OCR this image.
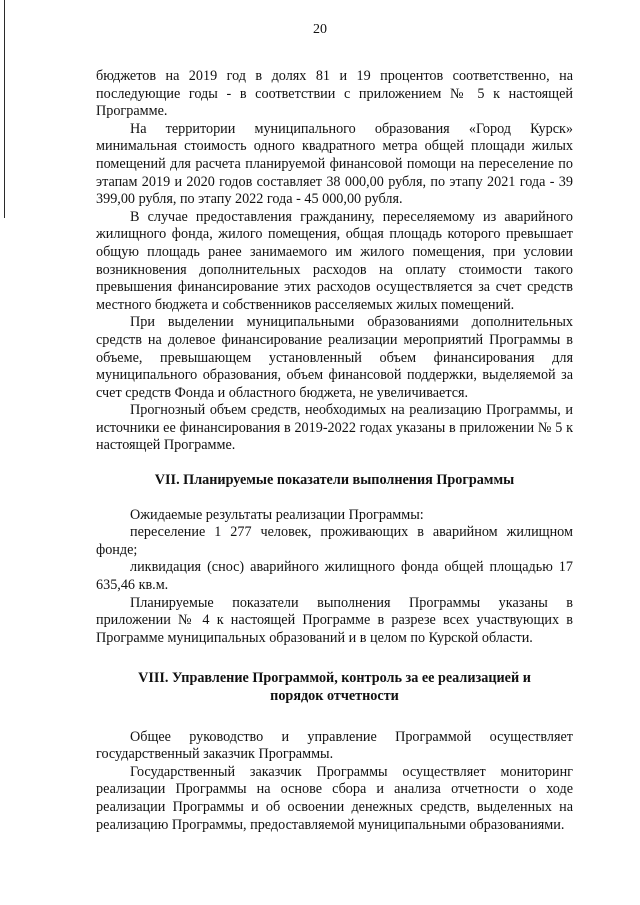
20

бюджетов на 2019 год в долях 81 и 19 процентов соответственно, на последующие годы - в соответствии с приложением № 5 к настоящей Программе.

На территории муниципального образования «Город Курск» минимальная стоимость одного квадратного метра общей площади жилых помещений для расчета планируемой финансовой помощи на переселение по этапам 2019 и 2020 годов составляет 38 000,00 рубля, по этапу 2021 года - 39 399,00 рубля, по этапу 2022 года - 45 000,00 рубля.

В случае предоставления гражданину, переселяемому из аварийного жилищного фонда, жилого помещения, общая площадь которого превышает общую площадь ранее занимаемого им жилого помещения, при условии возникновения дополнительных расходов на оплату стоимости такого превышения финансирование этих расходов осуществляется за счет средств местного бюджета и собственников расселяемых жилых помещений.

При выделении муниципальными образованиями дополнительных средств на долевое финансирование реализации мероприятий Программы в объеме, превышающем установленный объем финансирования для муниципального образования, объем финансовой поддержки, выделяемой за счет средств Фонда и областного бюджета, не увеличивается.

Прогнозный объем средств, необходимых на реализацию Программы, и источники ее финансирования в 2019-2022 годах указаны в приложении № 5 к настоящей Программе.

VII. Планируемые показатели выполнения Программы

Ожидаемые результаты реализации Программы:

переселение 1 277 человек, проживающих в аварийном жилищном фонде;

ликвидация (снос) аварийного жилищного фонда общей площадью 17 635,46 кв.м.

Планируемые показатели выполнения Программы указаны в приложении № 4 к настоящей Программе в разрезе всех участвующих в Программе муниципальных образований и в целом по Курской области.

VIII. Управление Программой, контроль за ее реализацией и

порядок отчетности

Общее руководство и управление Программой осуществляет государственный заказчик Программы.

Государственный заказчик Программы осуществляет мониторинг реализации Программы на основе сбора и анализа отчетности о ходе реализации Программы и об освоении денежных средств, выделенных на реализацию Программы, предоставляемой муниципальными образованиями.
